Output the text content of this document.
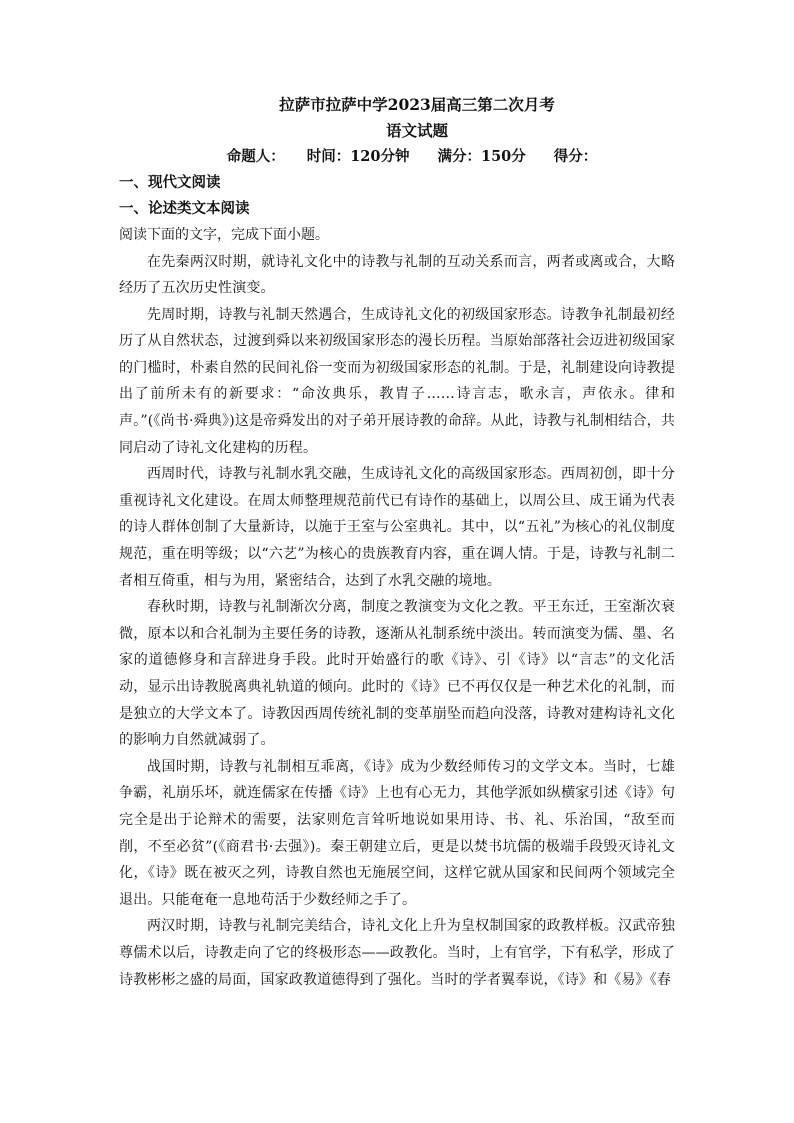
拉萨市拉萨中学2023届高三第二次月考

语文试题

命题人： 时间：120分钟 满分：150分 得分：

一、现代文阅读

一、论述类文本阅读

阅读下面的文字，完成下面小题。

在先秦两汉时期，就诗礼文化中的诗教与礼制的互动关系而言，两者或离或合，大略经历了五次历史性演变。

先周时期，诗教与礼制天然遇合，生成诗礼文化的初级国家形态。诗教争礼制最初经历了从自然状态，过渡到舜以来初级国家形态的漫长历程。当原始部落社会迈进初级国家的门槛时，朴素自然的民间礼俗一变而为初级国家形态的礼制。于是，礼制建设向诗教提出了前所未有的新要求：“命汝典乐，教胄子……诗言志，歌永言，声依永。律和声。”(《尚书·舜典》)这是帝舜发出的对子弟开展诗教的命辞。从此，诗教与礼制相结合，共同启动了诗礼文化建构的历程。

西周时代，诗教与礼制水乳交融，生成诗礼文化的高级国家形态。西周初创，即十分重视诗礼文化建设。在周太师整理规范前代已有诗作的基础上，以周公旦、成王诵为代表的诗人群体创制了大量新诗，以施于王室与公室典礼。其中，以“五礼”为核心的礼仪制度规范，重在明等级；以“六艺”为核心的贵族教育内容，重在调人情。于是，诗教与礼制二者相互倚重，相与为用，紧密结合，达到了水乳交融的境地。

春秋时期，诗教与礼制渐次分离，制度之教演变为文化之教。平王东迁，王室渐次衰微，原本以和合礼制为主要任务的诗教，逐渐从礼制系统中淡出。转而演变为儒、墨、名家的道德修身和言辞进身手段。此时开始盛行的歌《诗》、引《诗》以“言志”的文化活动，显示出诗教脱离典礼轨道的倾向。此时的《诗》已不再仅仅是一种艺术化的礼制，而是独立的大学文本了。诗教因西周传统礼制的变革崩坠而趋向没落，诗教对建构诗礼文化的影响力自然就减弱了。

战国时期，诗教与礼制相互乖离，《诗》成为少数经师传习的文学文本。当时，七雄争霸，礼崩乐坏，就连儒家在传播《诗》上也有心无力，其他学派如纵横家引述《诗》句完全是出于论辩术的需要，法家则危言耸听地说如果用诗、书、礼、乐治国，“敌至而削，不至必贫”(《商君书·去强》)。秦王朝建立后，更是以焚书坑儒的极端手段毁灭诗礼文化，《诗》既在被灭之列，诗教自然也无施展空间，这样它就从国家和民间两个领域完全退出。只能奄奄一息地苟活于少数经师之手了。

两汉时期，诗教与礼制完美结合，诗礼文化上升为皇权制国家的政教样板。汉武帝独尊儒术以后，诗教走向了它的终极形态——政教化。当时，上有官学，下有私学，形成了诗教彬彬之盛的局面，国家政教道德得到了强化。当时的学者翼奉说，《诗》和《易》《春
